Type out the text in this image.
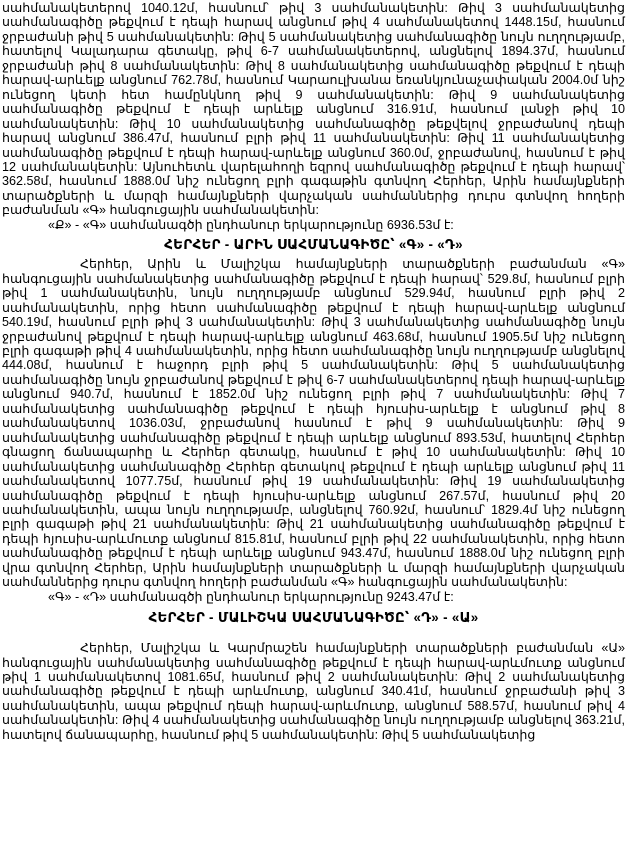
սահմանակետերով 1040.12մ, հասնում՝ թիվ 3 սահմանակետին: Թիվ 3 սահմանակետից սահմանագիծը թեքվում է դեպի հարավ անցնում թիվ 4 սահմանակետով 1448.15մ, հասնում ջրբաժանի թիվ 5 սահմանակետին: Թիվ 5 սահմանակետից սահմանագիծը նույն ուղղությամբ, հատելով Կալադարա գետակը, թիվ 6-7 սահմանակետերով, անցնելով 1894.37մ, հասնում ջրբաժանի թիվ 8 սահմանակետին: Թիվ 8 սահմանակետից սահմանագիծը թեքվում է դեպի հարավ-արևելք անցնում 762.78մ, հասնում Կարաուլխանա եռանկյունաչափական 2004.0մ նիշ ունեցող կետի հետ համընկնող թիվ 9 սահմանակետին: Թիվ 9 սահմանակետից սահմանագիծը թեքվում է դեպի արևելք անցնում 316.91մ, հասնում լանջի թիվ 10 սահմանակետին: Թիվ 10 սահմանակետից սահմանագիծը թեքվելով ջրբաժանով դեպի հարավ անցնում 386.47մ, հասնում բլրի թիվ 11 սահմանակետին: Թիվ 11 սահմանակետից սահմանագիծը թեքվում է դեպի հարավ-արևելք անցնում 360.0մ, ջրբաժանով, հասնում է թիվ 12 սահմանակետին: Այնուհետև վարելահողի եզրով սահմանագիծը թեքվում է դեպի հարավ՝ 362.58մ, հասնում 1888.0մ նիշ ունեցող բլրի գագաթին գտնվող Հերհեր, Արին համայնքների տարածքների և մարզի համայնքների վարչական սահմաններից դուրս գտնվող հողերի բաժանման «Գ» հանգուցային սահմանակետին:

«Ք» - «Գ» սահմանագծի ընդհանուր երկարությունը 6936.53մ է:

ՀԵՐՀԵՐ - ԱՐԻՆ ՍԱՀՄԱՆԱԳԻԾԸ՝ «Գ» - «Դ»

Հերհեր, Արին և Մալիշկա համայնքների տարածքների բաժանման «Գ» հանգուցային սահմանակետից սահմանագիծը թեքվում է դեպի հարավ՝ 529.8մ, հասնում բլրի թիվ 1 սահմանակետին, նույն ուղղությամբ անցնում 529.94մ, հասնում բլրի թիվ 2 սահմանակետին, որից հետո սահմանագիծը թեքվում է դեպի հարավ-արևելք անցնում 540.19մ, հասնում բլրի թիվ 3 սահմանակետին: Թիվ 3 սահմանակետից սահմանագիծը նույն ջրբաժանով թեքվում է դեպի հարավ-արևելք անցնում 463.68մ, հասնում 1905.5մ նիշ ունեցող բլրի գագաթի թիվ 4 սահմանակետին, որից հետո սահմանագիծը նույն ուղղությամբ անցնելով 444.08մ, հասնում է հաջորդ բլրի թիվ 5 սահմանակետին: Թիվ 5 սահմանակետից սահմանագիծը նույն ջրբաժանով թեքվում է թիվ 6-7 սահմանակետերով դեպի հարավ-արևելք անցնում 940.7մ, հասնում է 1852.0մ նիշ ունեցող բլրի թիվ 7 սահմանակետին: Թիվ 7 սահմանակետից սահմանագիծը թեքվում է դեպի հյուսիս-արևելք է անցնում թիվ 8 սահմանակետով 1036.03մ, ջրբաժանով հասնում է թիվ 9 սահմանակետին: Թիվ 9 սահմանակետից սահմանագիծը թեքվում է դեպի արևելք անցնում 893.53մ, հատելով Հերհեր գնացող ճանապարհը և Հերհեր գետակը, հասնում է թիվ 10 սահմանակետին: Թիվ 10 սահմանակետից սահմանագիծը Հերհեր գետակով թեքվում է դեպի արևելք անցնում թիվ 11 սահմանակետով 1077.75մ, հասնում թիվ 19 սահմանակետին: Թիվ 19 սահմանակետից սահմանագիծը թեքվում է դեպի հյուսիս-արևելք անցնում 267.57մ, հասնում թիվ 20 սահմանակետին, ապա նույն ուղղությամբ, անցնելով 760.92մ, հասնում՝ 1829.4մ նիշ ունեցող բլրի գագաթի թիվ 21 սահմանակետին: Թիվ 21 սահմանակետից սահմանագիծը թեքվում է դեպի հյուսիս-արևմուտք անցնում 815.81մ, հասնում բլրի թիվ 22 սահմանակետին, որից հետո սահմանագիծը թեքվում է դեպի արևելք անցնում 943.47մ, հասնում 1888.0մ նիշ ունեցող բլրի վրա գտնվող Հերհեր, Արին համայնքների տարածքների և մարզի համայնքների վարչական սահմաններից դուրս գտնվող հողերի բաժանման «Գ» հանգուցային սահմանակետին:

«Գ» - «Դ» սահմանագծի ընդհանուր երկարությունը 9243.47մ է:

ՀԵՐՀԵՐ - ՄԱԼԻՇԿԱ ՍԱՀՄԱՆԱԳԻԾԸ՝ «Դ» - «Ա»

Հերհեր, Մալիշկա և Կարմրաշեն համայնքների տարածքների բաժանման «Ա» հանգուցային սահմանակետից սահմանագիծը թեքվում է դեպի հարավ-արևմուտք անցնում թիվ 1 սահմանակետով 1081.65մ, հասնում թիվ 2 սահմանակետին: Թիվ 2 սահմանակետից սահմանագիծը թեքվում է դեպի արևմուտք, անցնում 340.41մ, հասնում ջրբաժանի թիվ 3 սահմանակետին, ապա թեքվում դեպի հարավ-արևմուտք, անցնում 588.57մ, հասնում թիվ 4 սահմանակետին: Թիվ 4 սահմանակետից սահմանագիծը նույն ուղղությամբ անցնելով 363.21մ, հատելով ճանապարհը, հասնում թիվ 5 սահմանակետին: Թիվ 5 սահմանակետից
